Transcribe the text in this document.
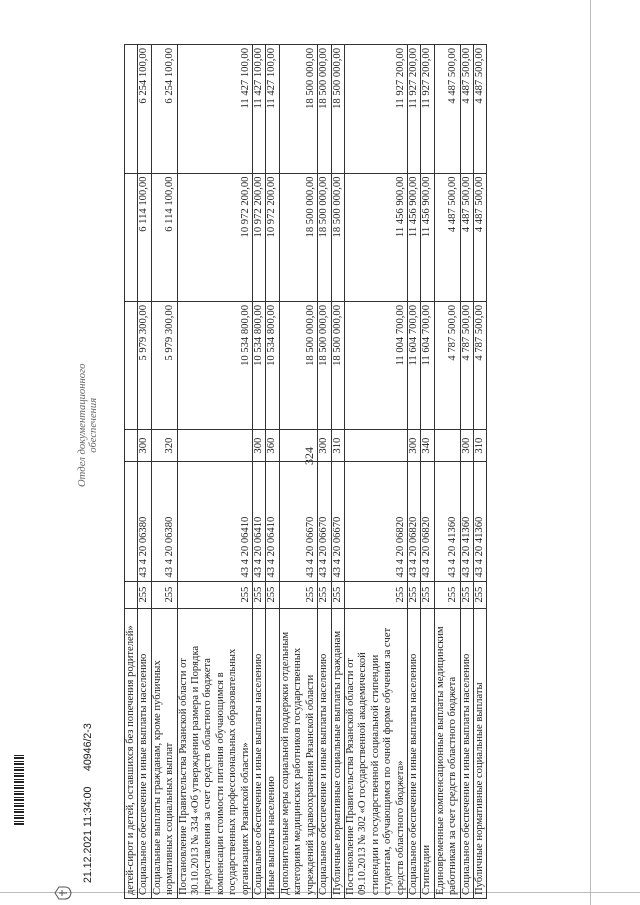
21.12.2021 11:34:00
40946/2-3
Отдел документационного обеспечения
324
детей-сирот и детей, оставшихся без попечения родителей»						
Социальное обеспечение и иные выплаты населению	255	43 4 20 06380	300	5 979 300,00	6 114 100,00	6 254 100,00
Социальные выплаты гражданам, кроме публичных нормативных социальных выплат	255	43 4 20 06380	320	5 979 300,00	6 114 100,00	6 254 100,00
Постановление Правительства Рязанской области от 30.10.2013 № 334 «Об утверждении размера и Порядка предоставления за счет средств областного бюджета компенсации стоимости питания обучающимся в государственных профессиональных образовательных организациях Рязанской области»	255	43 4 20 06410		10 534 800,00	10 972 200,00	11 427 100,00
Социальное обеспечение и иные выплаты населению	255	43 4 20 06410	300	10 534 800,00	10 972 200,00	11 427 100,00
Иные выплаты населению	255	43 4 20 06410	360	10 534 800,00	10 972 200,00	11 427 100,00
Дополнительные меры социальной поддержки отдельным категориям медицинских работников государственных учреждений здравоохранения Рязанской области	255	43 4 20 06670		18 500 000,00	18 500 000,00	18 500 000,00
Социальное обеспечение и иные выплаты населению	255	43 4 20 06670	300	18 500 000,00	18 500 000,00	18 500 000,00
Публичные нормативные социальные выплаты гражданам	255	43 4 20 06670	310	18 500 000,00	18 500 000,00	18 500 000,00
Постановление Правительства Рязанской области от 09.10.2013 № 302 «О государственной академической стипендии и государственной социальной стипендии студентам, обучающимся по очной форме обучения за счет средств областного бюджета»	255	43 4 20 06820		11 004 700,00	11 456 900,00	11 927 200,00
Социальное обеспечение и иные выплаты населению	255	43 4 20 06820	300	11 604 700,00	11 456 900,00	11 927 200,00
Стипендии	255	43 4 20 06820	340	11 604 700,00	11 456 900,00	11 927 200,00
Единовременные компенсационные выплаты медицинским работникам за счет средств областного бюджета	255	43 4 20 41360		4 787 500,00	4 487 500,00	4 487 500,00
Социальное обеспечение и иные выплаты населению	255	43 4 20 41360	300	4 787 500,00	4 487 500,00	4 487 500,00
Публичные нормативные социальные выплаты	255	43 4 20 41360	310	4 787 500,00	4 487 500,00	4 487 500,00
